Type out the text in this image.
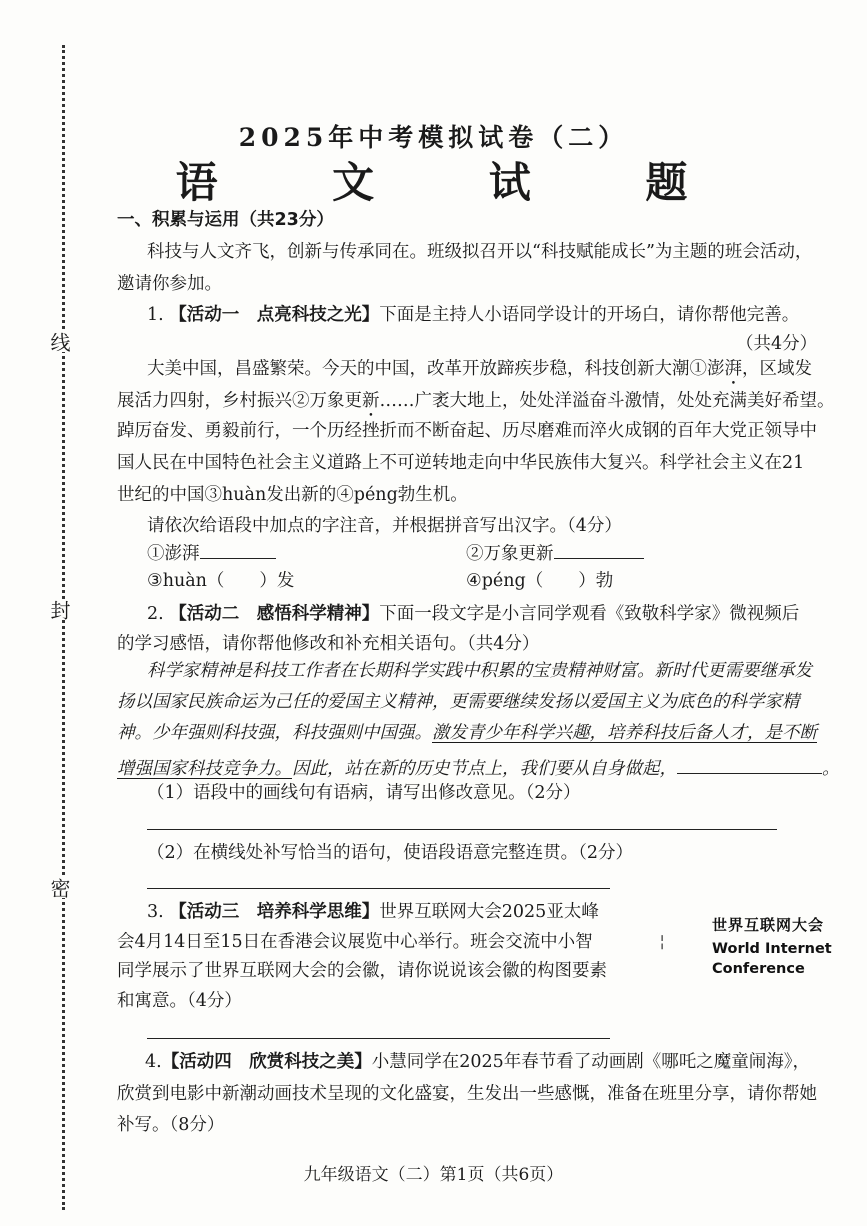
线
封
密
2025年中考模拟试卷（二）
语 文 试 题
一、积累与运用（共23分）
科技与人文齐飞，创新与传承同在。班级拟召开以“科技赋能成长”为主题的班会活动，
邀请你参加。
1. 【活动一　点亮科技之光】下面是主持人小语同学设计的开场白，请你帮他完善。
（共4分）
大美中国，昌盛繁荣。今天的中国，改革开放蹄疾步稳，科技创新大潮①澎湃，区域发
展活力四射，乡村振兴②万象更新……广袤大地上，处处洋溢奋斗激情，处处充满美好希望。
踔厉奋发、勇毅前行，一个历经挫折而不断奋起、历尽磨难而淬火成钢的百年大党正领导中
国人民在中国特色社会主义道路上不可逆转地走向中华民族伟大复兴。科学社会主义在21
世纪的中国③huàn发出新的④péng勃生机。
请依次给语段中加点的字注音，并根据拼音写出汉字。（4分）
①澎湃	②万象更新
③huàn（　　）发	④péng（　　）勃
2. 【活动二　感悟科学精神】下面一段文字是小言同学观看《致敬科学家》微视频后
的学习感悟，请你帮他修改和补充相关语句。（共4分）
科学家精神是科技工作者在长期科学实践中积累的宝贵精神财富。新时代更需要继承发
扬以国家民族命运为己任的爱国主义精神，更需要继续发扬以爱国主义为底色的科学家精
神。少年强则科技强，科技强则中国强。激发青少年科学兴趣，培养科技后备人才，是不断
增强国家科技竞争力。因此，站在新的历史节点上，我们要从自身做起，	。
（1）语段中的画线句有语病，请写出修改意见。（2分）
（2）在横线处补写恰当的语句，使语段语意完整连贯。（2分）
3. 【活动三　培养科学思维】世界互联网大会2025亚太峰
会4月14日至15日在香港会议展览中心举行。班会交流中小智
同学展示了世界互联网大会的会徽，请你说说该会徽的构图要素
和寓意。（4分）
╎
世界互联网大会
World Internet
Conference
4.【活动四　欣赏科技之美】小慧同学在2025年春节看了动画剧《哪吒之魔童闹海》，
欣赏到电影中新潮动画技术呈现的文化盛宴，生发出一些感慨，准备在班里分享，请你帮她
补写。（8分）
九年级语文（二）第1页（共6页）
